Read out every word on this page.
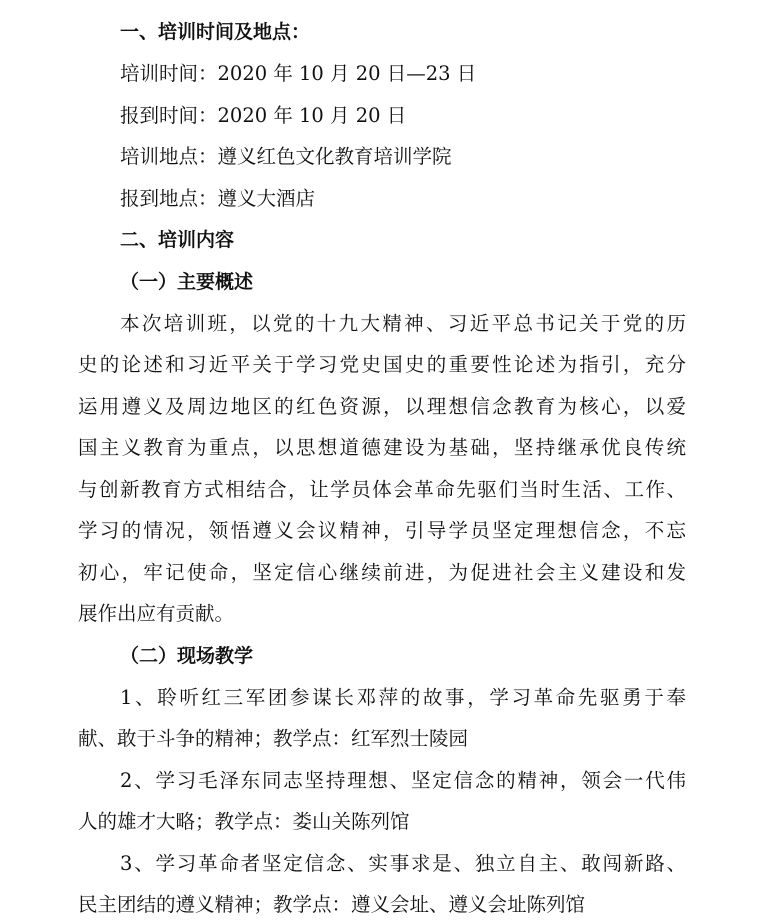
一、培训时间及地点：
培训时间：2020 年 10 月 20 日—23 日
报到时间：2020 年 10 月 20 日
培训地点：遵义红色文化教育培训学院
报到地点：遵义大酒店
二、培训内容
（一）主要概述
本次培训班，以党的十九大精神、习近平总书记关于党的历
史的论述和习近平关于学习党史国史的重要性论述为指引，充分
运用遵义及周边地区的红色资源，以理想信念教育为核心，以爱
国主义教育为重点，以思想道德建设为基础，坚持继承优良传统
与创新教育方式相结合，让学员体会革命先驱们当时生活、工作、
学习的情况，领悟遵义会议精神，引导学员坚定理想信念，不忘
初心，牢记使命，坚定信心继续前进，为促进社会主义建设和发
展作出应有贡献。
（二）现场教学
1、聆听红三军团参谋长邓萍的故事，学习革命先驱勇于奉
献、敢于斗争的精神；教学点：红军烈士陵园
2、学习毛泽东同志坚持理想、坚定信念的精神，领会一代伟
人的雄才大略；教学点：娄山关陈列馆
3、学习革命者坚定信念、实事求是、独立自主、敢闯新路、
民主团结的遵义精神；教学点：遵义会址、遵义会址陈列馆
